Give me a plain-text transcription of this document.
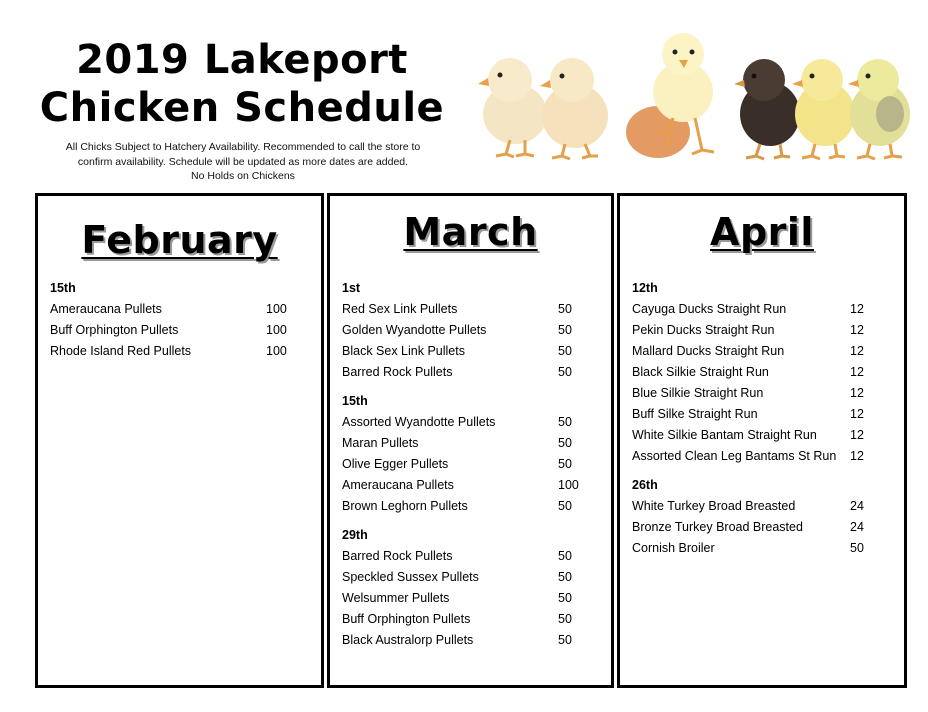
2019 Lakeport
Chicken Schedule
All Chicks Subject to Hatchery Availability. Recommended to call the store to
confirm availability. Schedule will be updated as more dates are added.
No Holds on Chickens
February
15th
Ameraucana Pullets	100
Buff Orphington Pullets	100
Rhode Island Red Pullets	100
March
1st
Red Sex Link Pullets	50
Golden Wyandotte Pullets	50
Black Sex Link Pullets	50
Barred Rock Pullets	50
15th
Assorted Wyandotte Pullets	50
Maran Pullets	50
Olive Egger Pullets	50
Ameraucana Pullets	100
Brown Leghorn Pullets	50
29th
Barred Rock Pullets	50
Speckled Sussex Pullets	50
Welsummer Pullets	50
Buff Orphington Pullets	50
Black Australorp Pullets	50
April
12th
Cayuga Ducks Straight Run	12
Pekin Ducks Straight Run	12
Mallard Ducks Straight Run	12
Black Silkie Straight Run	12
Blue Silkie Straight Run	12
Buff Silke Straight Run	12
White Silkie Bantam Straight Run	12
Assorted Clean Leg Bantams St Run 12
26th
White Turkey Broad Breasted	24
Bronze Turkey Broad Breasted	24
Cornish Broiler	50
